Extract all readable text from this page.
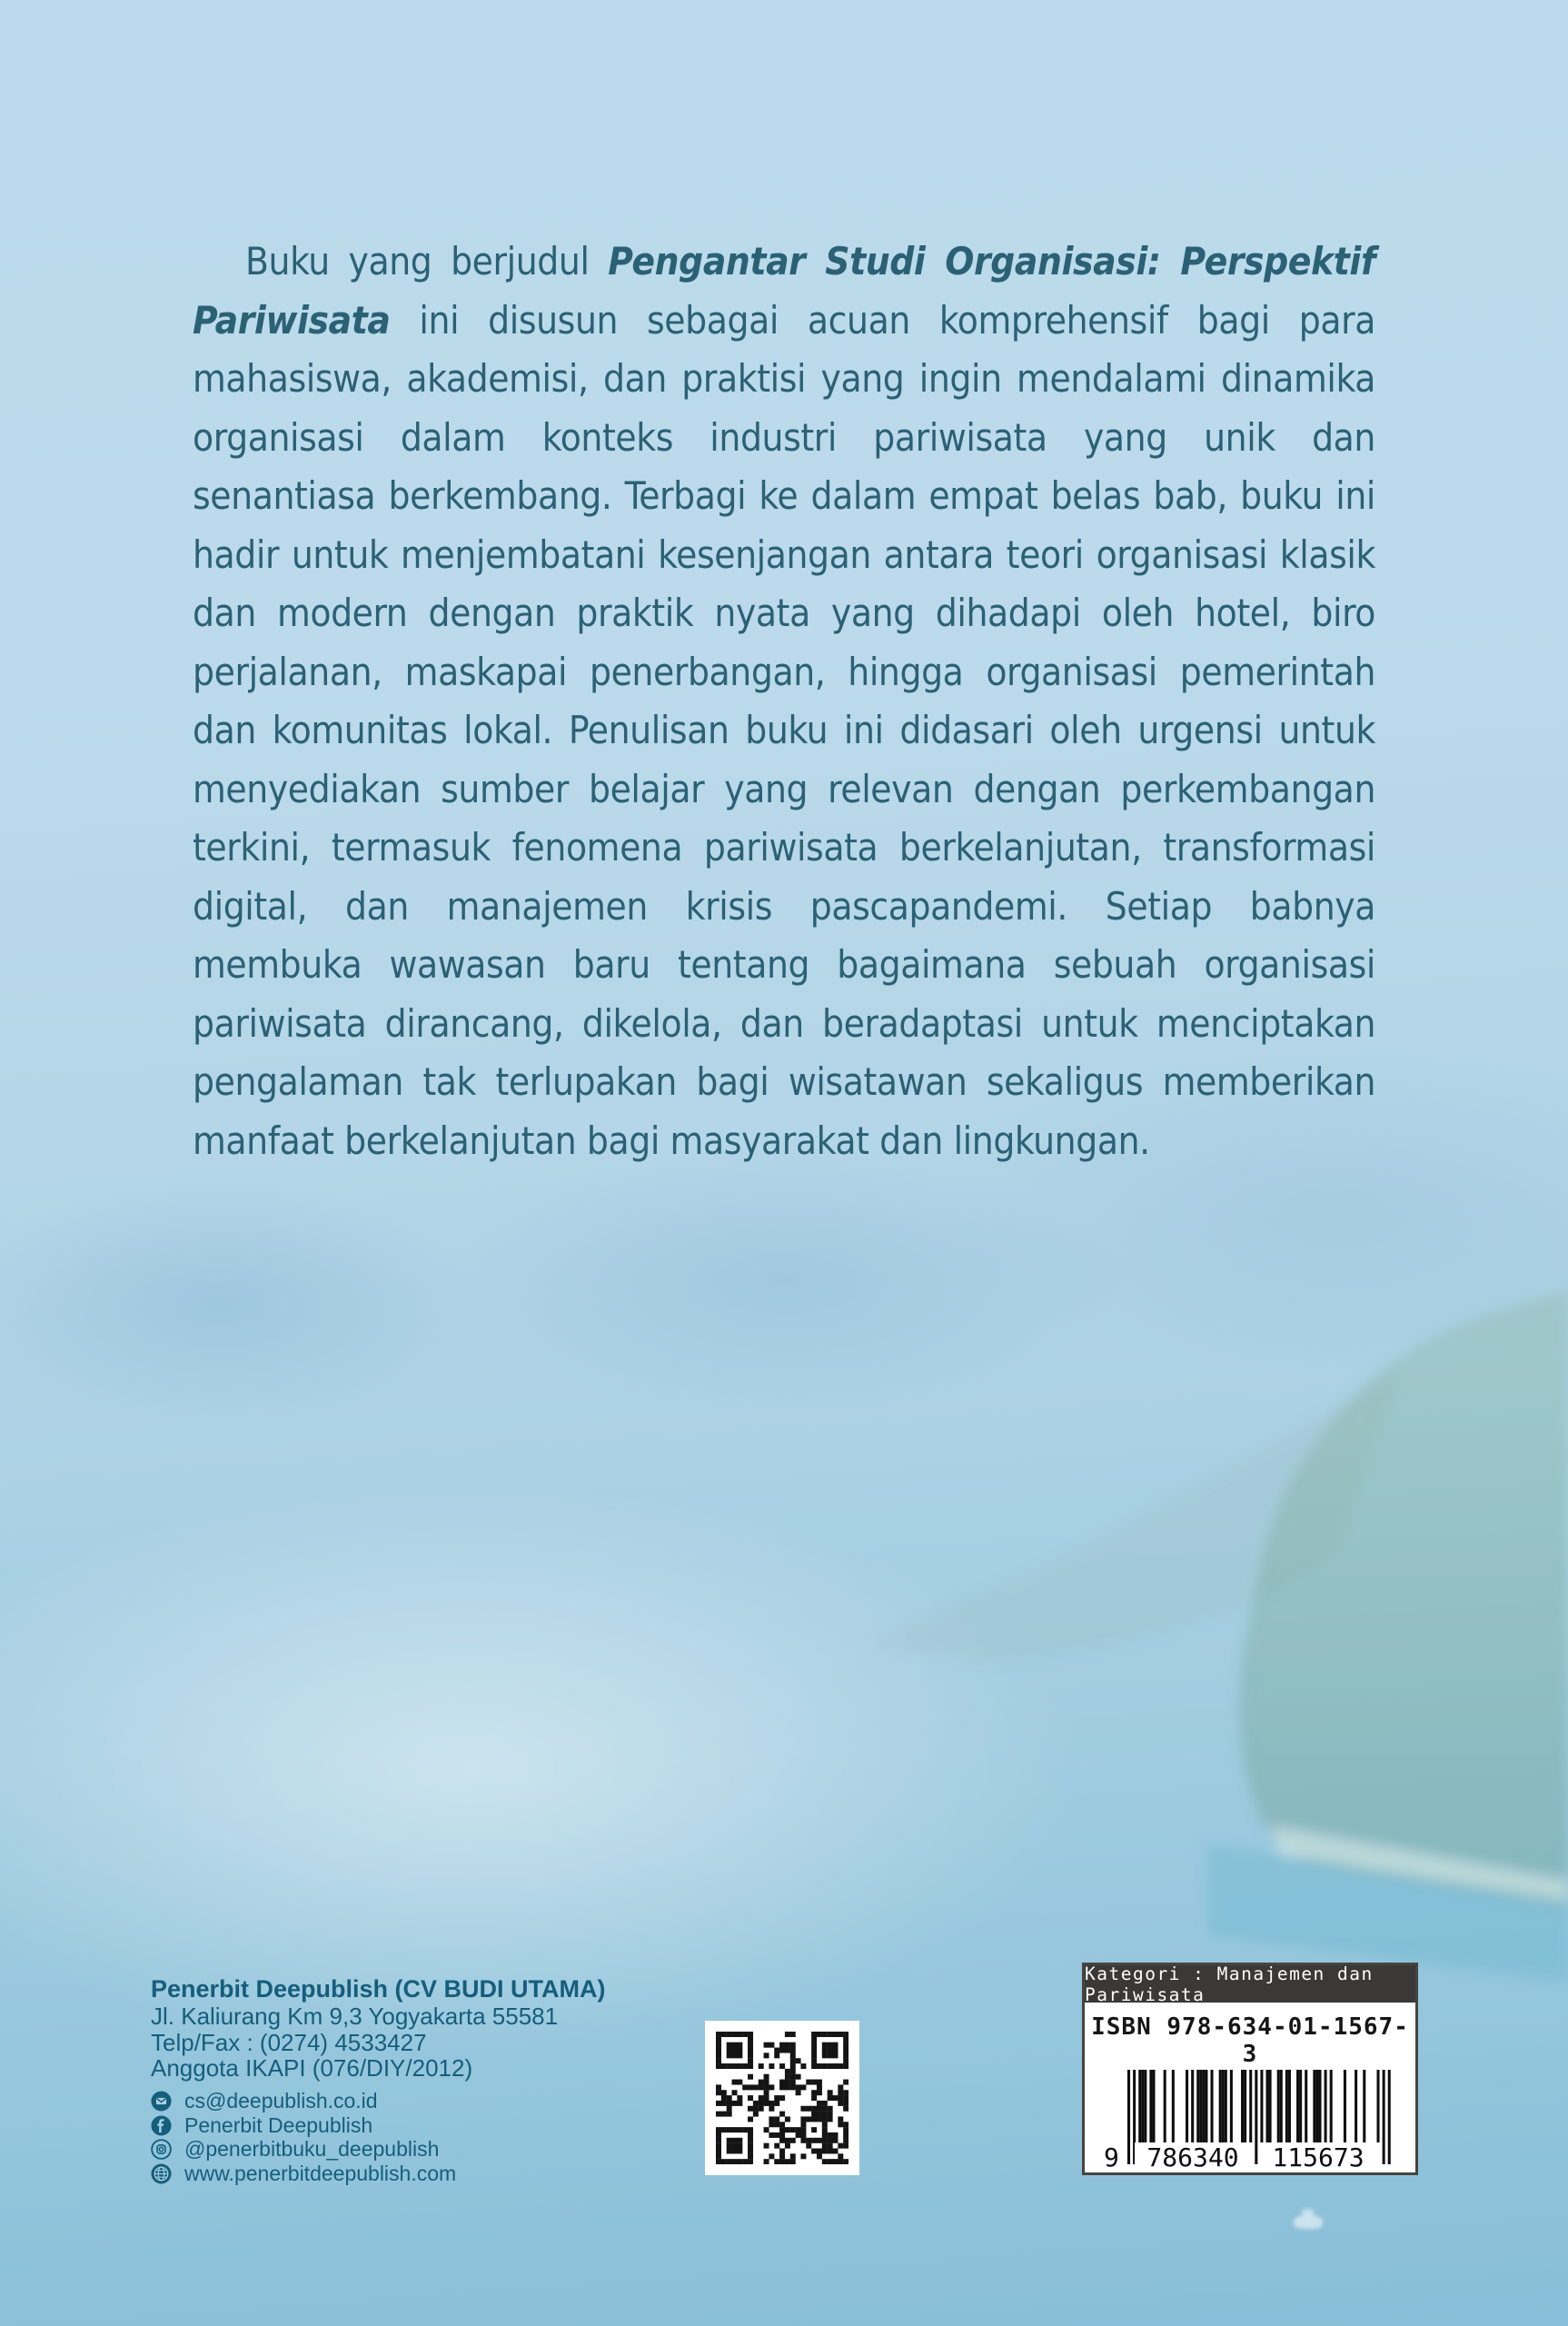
Buku yang berjudul Pengantar Studi Organisasi: Perspektif Pariwisata ini disusun sebagai acuan komprehensif bagi para mahasiswa, akademisi, dan praktisi yang ingin mendalami dinamika organisasi dalam konteks industri pariwisata yang unik dan senantiasa berkembang. Terbagi ke dalam empat belas bab, buku ini hadir untuk menjembatani kesenjangan antara teori organisasi klasik dan modern dengan praktik nyata yang dihadapi oleh hotel, biro perjalanan, maskapai penerbangan, hingga organisasi pemerintah dan komunitas lokal. Penulisan buku ini didasari oleh urgensi untuk menyediakan sumber belajar yang relevan dengan perkembangan terkini, termasuk fenomena pariwisata berkelanjutan, transformasi digital, dan manajemen krisis pascapandemi. Setiap babnya membuka wawasan baru tentang bagaimana sebuah organisasi pariwisata dirancang, dikelola, dan beradaptasi untuk menciptakan pengalaman tak terlupakan bagi wisatawan sekaligus memberikan manfaat berkelanjutan bagi masyarakat dan lingkungan.

Penerbit Deepublish (CV BUDI UTAMA)
Jl. Kaliurang Km 9,3 Yogyakarta 55581
Telp/Fax : (0274) 4533427
Anggota IKAPI (076/DIY/2012)
cs@deepublish.co.id
Penerbit Deepublish
@penerbitbuku_deepublish
www.penerbitdeepublish.com
Kategori : Manajemen dan Pariwisata
ISBN 978-634-01-1567-3
9	786340	115673
